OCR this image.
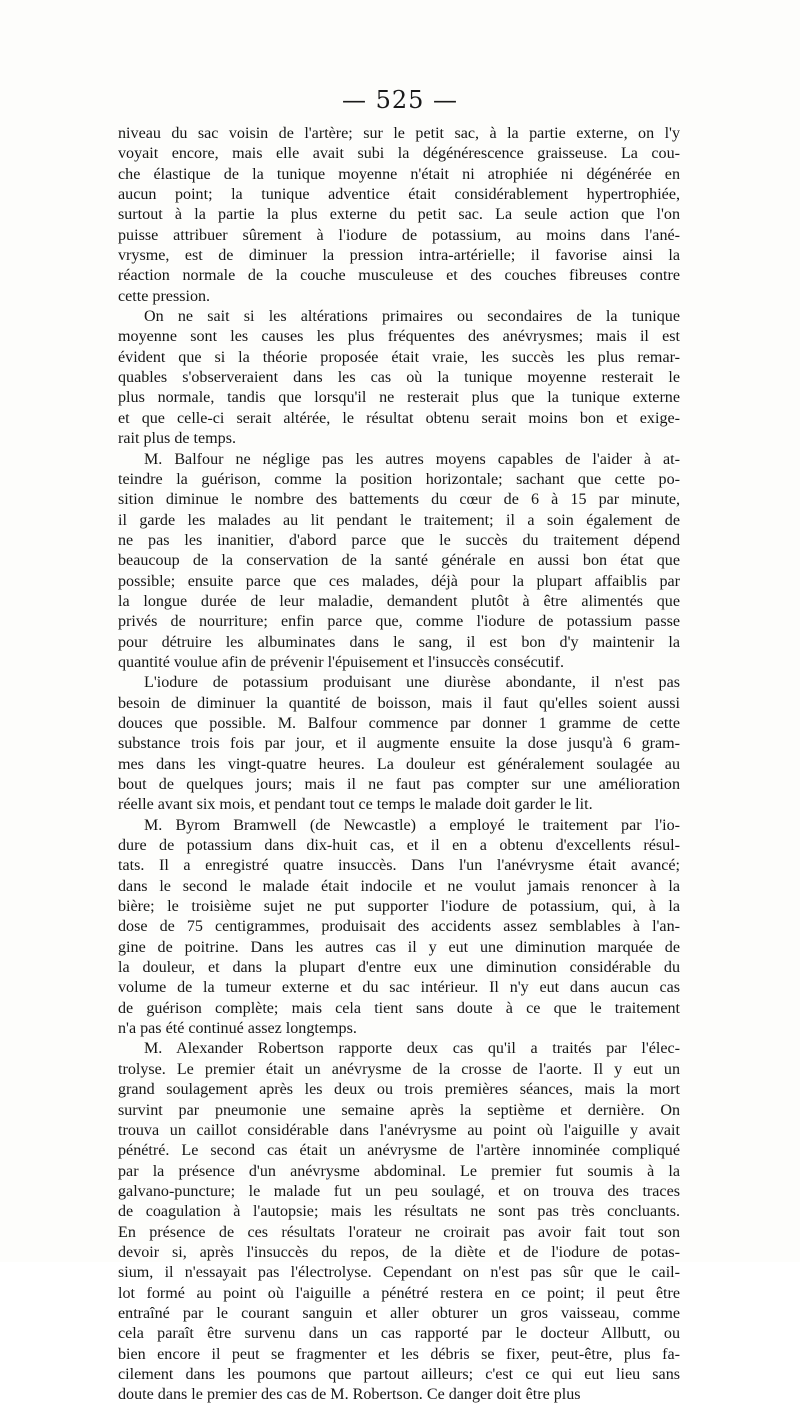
— 525 —
niveau du sac voisin de l'artère; sur le petit sac, à la partie externe, on l'y
voyait encore, mais elle avait subi la dégénérescence graisseuse. La cou-
che élastique de la tunique moyenne n'était ni atrophiée ni dégénérée en
aucun point; la tunique adventice était considérablement hypertrophiée,
surtout à la partie la plus externe du petit sac. La seule action que l'on
puisse attribuer sûrement à l'iodure de potassium, au moins dans l'ané-
vrysme, est de diminuer la pression intra-artérielle; il favorise ainsi la
réaction normale de la couche musculeuse et des couches fibreuses contre
cette pression.
On ne sait si les altérations primaires ou secondaires de la tunique
moyenne sont les causes les plus fréquentes des anévrysmes; mais il est
évident que si la théorie proposée était vraie, les succès les plus remar-
quables s'observeraient dans les cas où la tunique moyenne resterait le
plus normale, tandis que lorsqu'il ne resterait plus que la tunique externe
et que celle-ci serait altérée, le résultat obtenu serait moins bon et exige-
rait plus de temps.
M. Balfour ne néglige pas les autres moyens capables de l'aider à at-
teindre la guérison, comme la position horizontale; sachant que cette po-
sition diminue le nombre des battements du cœur de 6 à 15 par minute,
il garde les malades au lit pendant le traitement; il a soin également de
ne pas les inanitier, d'abord parce que le succès du traitement dépend
beaucoup de la conservation de la santé générale en aussi bon état que
possible; ensuite parce que ces malades, déjà pour la plupart affaiblis par
la longue durée de leur maladie, demandent plutôt à être alimentés que
privés de nourriture; enfin parce que, comme l'iodure de potassium passe
pour détruire les albuminates dans le sang, il est bon d'y maintenir la
quantité voulue afin de prévenir l'épuisement et l'insuccès consécutif.
L'iodure de potassium produisant une diurèse abondante, il n'est pas
besoin de diminuer la quantité de boisson, mais il faut qu'elles soient aussi
douces que possible. M. Balfour commence par donner 1 gramme de cette
substance trois fois par jour, et il augmente ensuite la dose jusqu'à 6 gram-
mes dans les vingt-quatre heures. La douleur est généralement soulagée au
bout de quelques jours; mais il ne faut pas compter sur une amélioration
réelle avant six mois, et pendant tout ce temps le malade doit garder le lit.
M. Byrom Bramwell (de Newcastle) a employé le traitement par l'io-
dure de potassium dans dix-huit cas, et il en a obtenu d'excellents résul-
tats. Il a enregistré quatre insuccès. Dans l'un l'anévrysme était avancé;
dans le second le malade était indocile et ne voulut jamais renoncer à la
bière; le troisième sujet ne put supporter l'iodure de potassium, qui, à la
dose de 75 centigrammes, produisait des accidents assez semblables à l'an-
gine de poitrine. Dans les autres cas il y eut une diminution marquée de
la douleur, et dans la plupart d'entre eux une diminution considérable du
volume de la tumeur externe et du sac intérieur. Il n'y eut dans aucun cas
de guérison complète; mais cela tient sans doute à ce que le traitement
n'a pas été continué assez longtemps.
M. Alexander Robertson rapporte deux cas qu'il a traités par l'élec-
trolyse. Le premier était un anévrysme de la crosse de l'aorte. Il y eut un
grand soulagement après les deux ou trois premières séances, mais la mort
survint par pneumonie une semaine après la septième et dernière. On
trouva un caillot considérable dans l'anévrysme au point où l'aiguille y avait
pénétré. Le second cas était un anévrysme de l'artère innominée compliqué
par la présence d'un anévrysme abdominal. Le premier fut soumis à la
galvano-puncture; le malade fut un peu soulagé, et on trouva des traces
de coagulation à l'autopsie; mais les résultats ne sont pas très concluants.
En présence de ces résultats l'orateur ne croirait pas avoir fait tout son
devoir si, après l'insuccès du repos, de la diète et de l'iodure de potas-
sium, il n'essayait pas l'électrolyse. Cependant on n'est pas sûr que le cail-
lot formé au point où l'aiguille a pénétré restera en ce point; il peut être
entraîné par le courant sanguin et aller obturer un gros vaisseau, comme
cela paraît être survenu dans un cas rapporté par le docteur Allbutt, ou
bien encore il peut se fragmenter et les débris se fixer, peut-être, plus fa-
cilement dans les poumons que partout ailleurs; c'est ce qui eut lieu sans
doute dans le premier des cas de M. Robertson. Ce danger doit être plus
